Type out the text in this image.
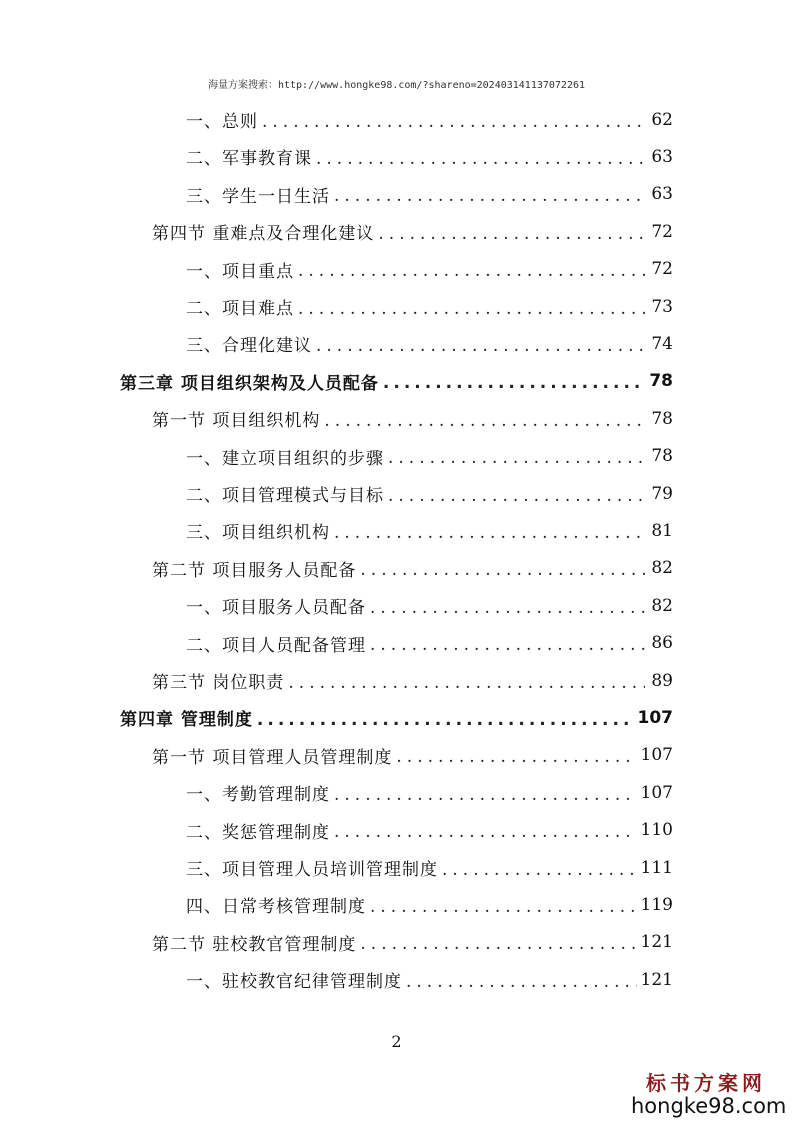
海量方案搜索：http://www.hongke98.com/?shareno=202403141137072261
一、总则 .....	62
二、军事教育课 .....	63
三、学生一日生活 .....	63
第四节 重难点及合理化建议 .....	72
一、项目重点 .....	72
二、项目难点 .....	73
三、合理化建议 .....	74
第三章 项目组织架构及人员配备 .....	78
第一节 项目组织机构 .....	78
一、建立项目组织的步骤 .....	78
二、项目管理模式与目标 .....	79
三、项目组织机构 .....	81
第二节 项目服务人员配备 .....	82
一、项目服务人员配备 .....	82
二、项目人员配备管理 .....	86
第三节 岗位职责 .....	89
第四章 管理制度 .....	107
第一节 项目管理人员管理制度 .....	107
一、考勤管理制度 .....	107
二、奖惩管理制度 .....	110
三、项目管理人员培训管理制度 .....	111
四、日常考核管理制度 .....	119
第二节 驻校教官管理制度 .....	121
一、驻校教官纪律管理制度 .....	121
2
标书方案网
hongke98.com
